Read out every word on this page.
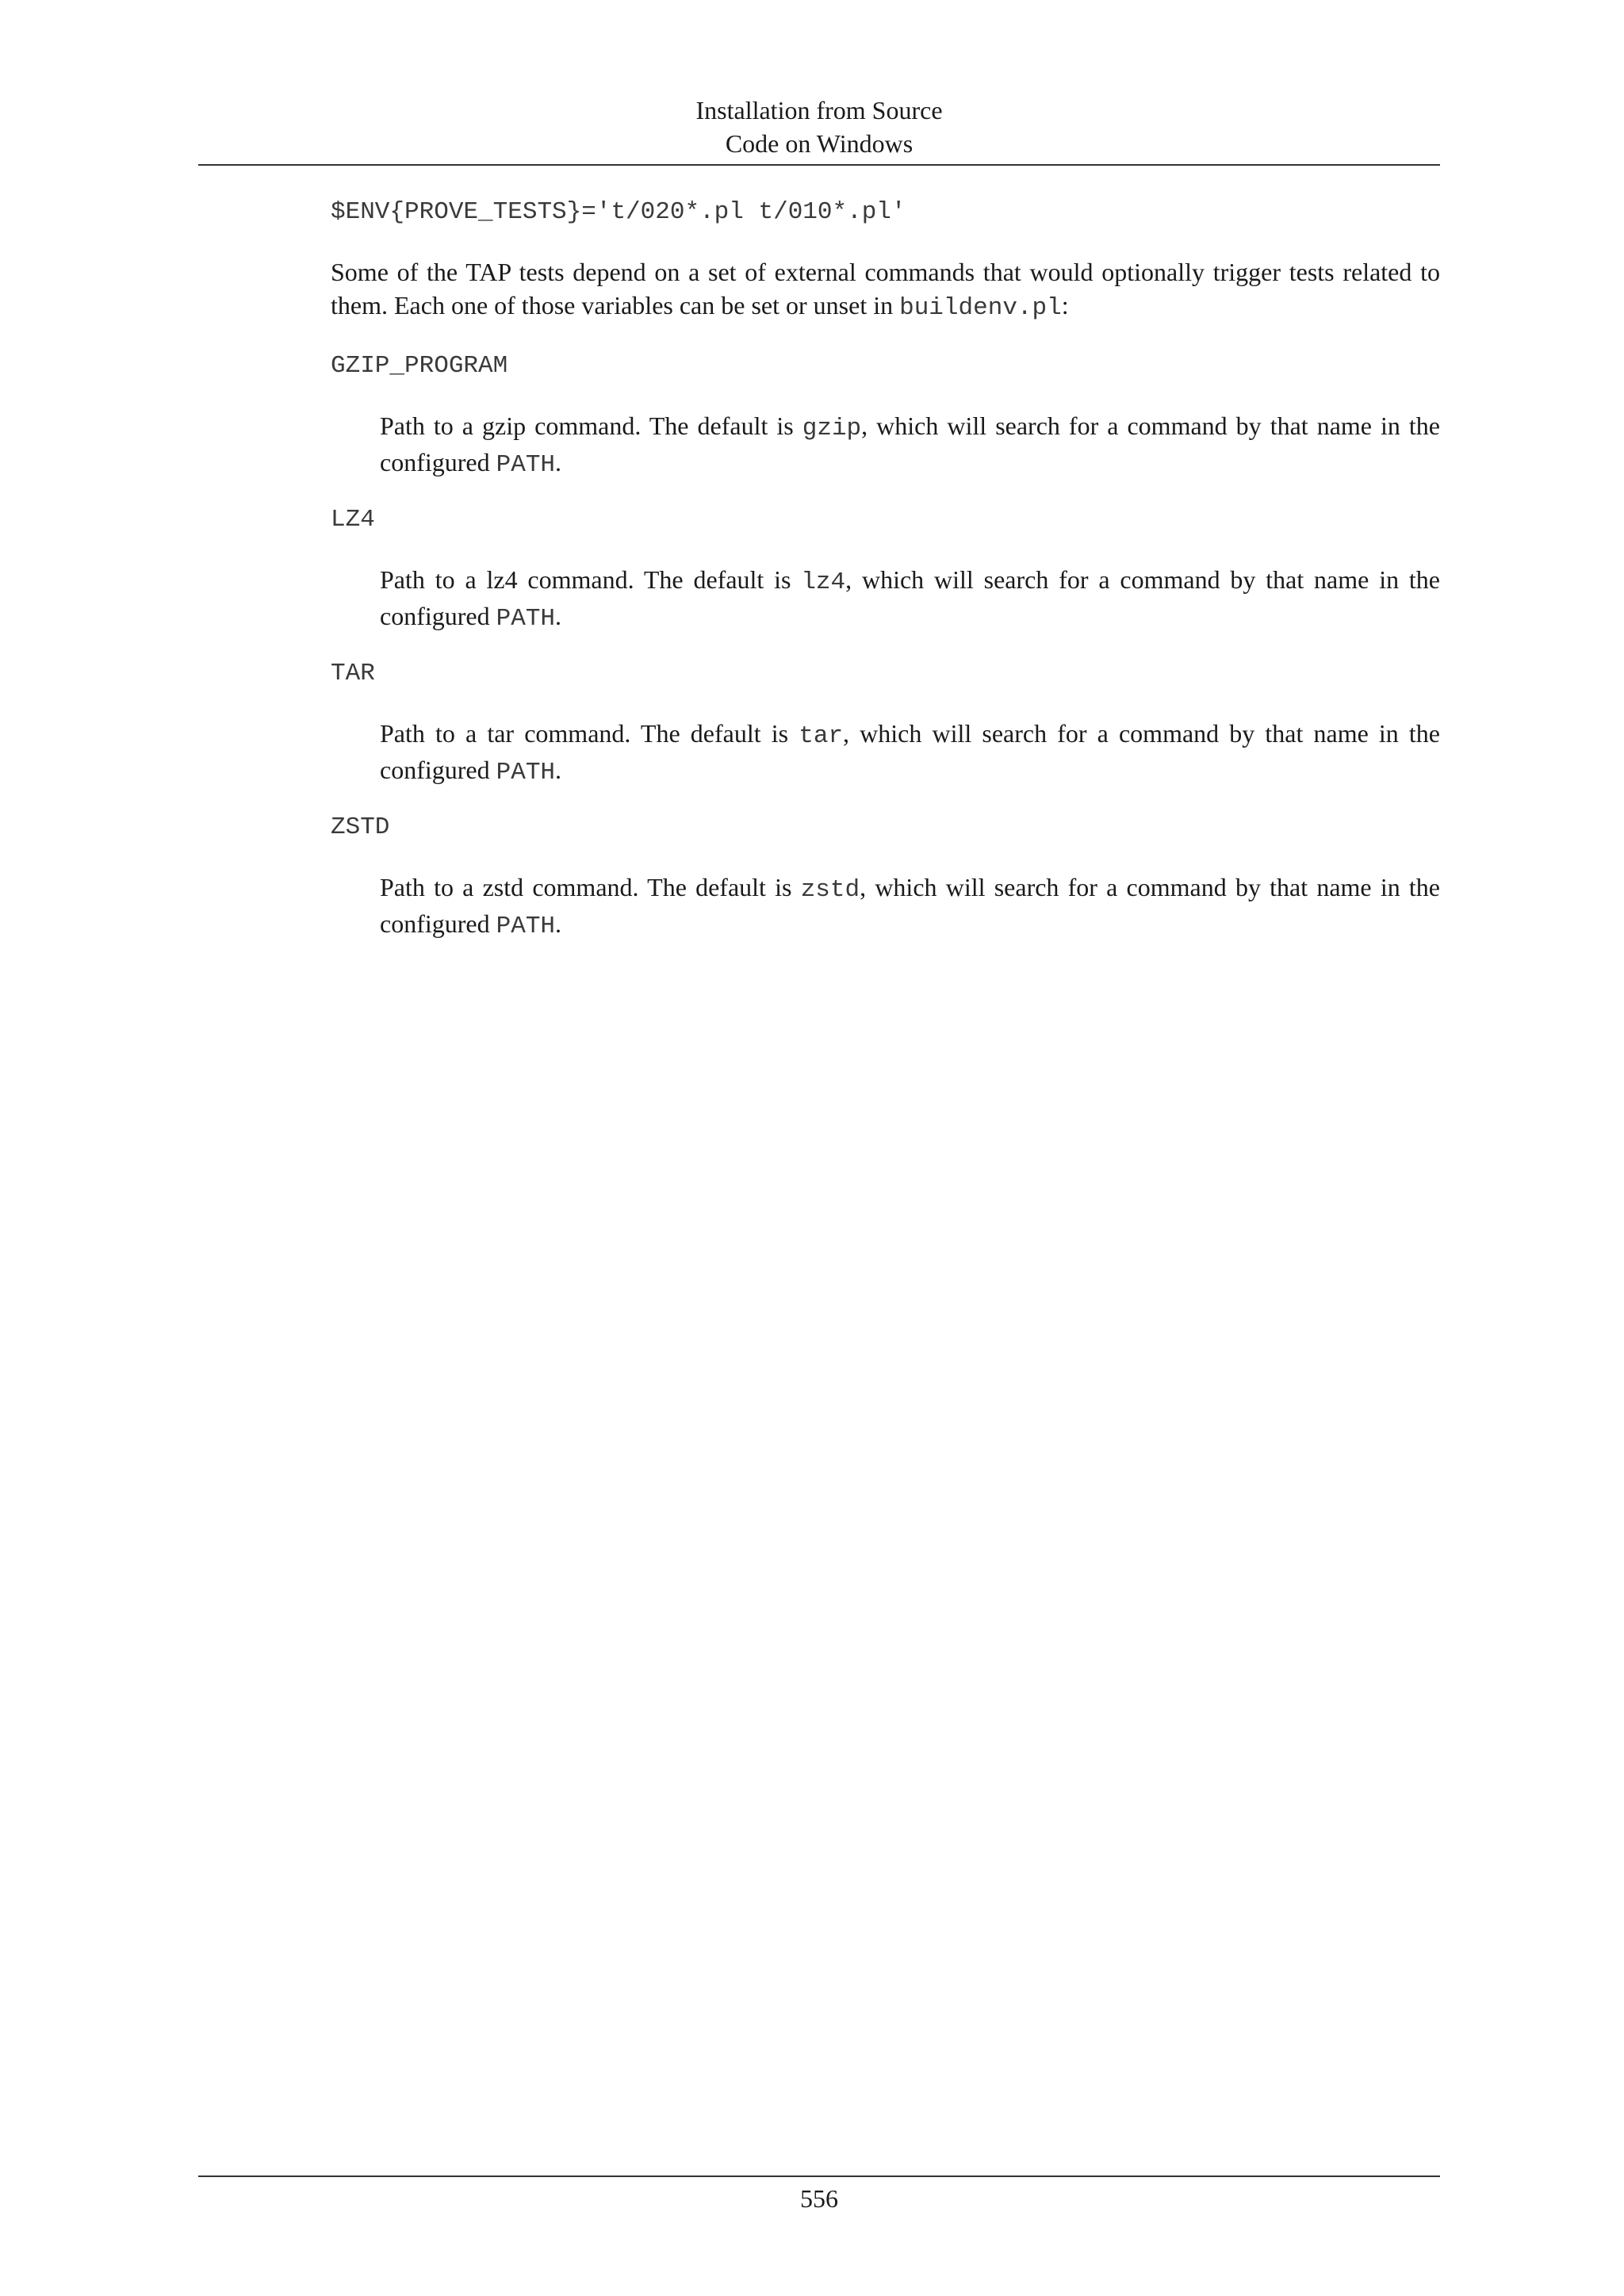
Installation from Source
Code on Windows
$ENV{PROVE_TESTS}='t/020*.pl t/010*.pl'
Some of the TAP tests depend on a set of external commands that would optionally trigger tests related to them. Each one of those variables can be set or unset in buildenv.pl:
GZIP_PROGRAM
Path to a gzip command. The default is gzip, which will search for a command by that name in the configured PATH.
LZ4
Path to a lz4 command. The default is lz4, which will search for a command by that name in the configured PATH.
TAR
Path to a tar command. The default is tar, which will search for a command by that name in the configured PATH.
ZSTD
Path to a zstd command. The default is zstd, which will search for a command by that name in the configured PATH.
556
